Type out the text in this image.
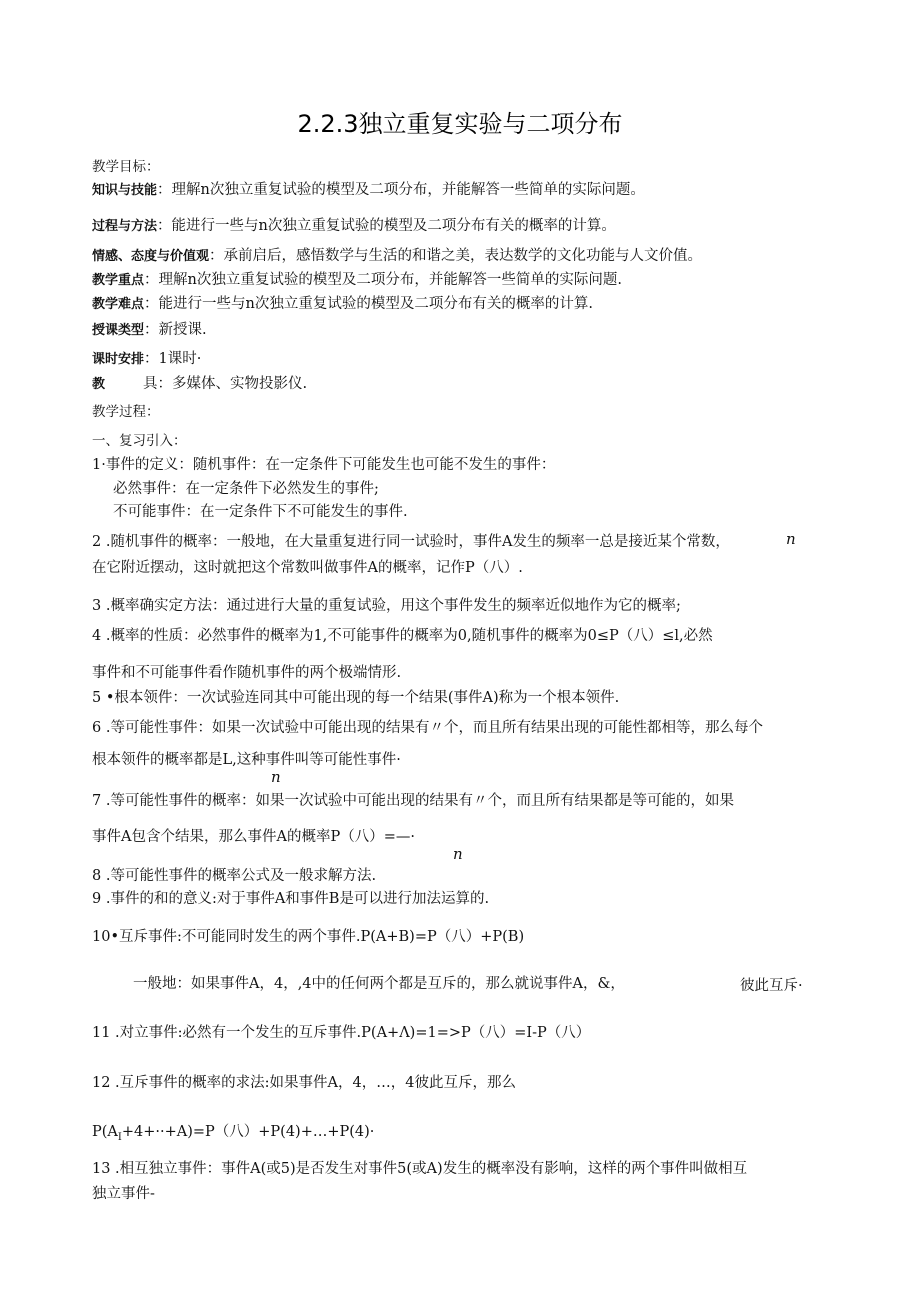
2.2.3独立重复实验与二项分布
教学目标：
知识与技能：理解n次独立重复试验的模型及二项分布，并能解答一些简单的实际问题。
过程与方法：能进行一些与n次独立重复试验的模型及二项分布有关的概率的计算。
情感、态度与价值观：承前启后，感悟数学与生活的和谐之美，表达数学的文化功能与人文价值。
教学重点：理解n次独立重复试验的模型及二项分布，并能解答一些简单的实际问题.
教学难点：能进行一些与n次独立重复试验的模型及二项分布有关的概率的计算.
授课类型：新授课.
课时安排：1课时·
教	具：多媒体、实物投影仪.
教学过程：
一、复习引入：
1·事件的定义：随机事件：在一定条件下可能发生也可能不发生的事件：
必然事件：在一定条件下必然发生的事件;
不可能事件：在一定条件下不可能发生的事件.
2 .随机事件的概率：一般地，在大量重复进行同一试验时，事件A发生的频率一总是接近某个常数，	n
在它附近摆动，这时就把这个常数叫做事件A的概率，记作P（八）.
3 .概率确实定方法：通过进行大量的重复试验，用这个事件发生的频率近似地作为它的概率;
4 .概率的性质：必然事件的概率为1,不可能事件的概率为0,随机事件的概率为0≤P（八）≤l,必然
事件和不可能事件看作随机事件的两个极端情形.
5 •根本领件：一次试验连同其中可能出现的每一个结果(事件A)称为一个根本领件.
6 .等可能性事件：如果一次试验中可能出现的结果有〃个，而且所有结果出现的可能性都相等，那么每个
根本领件的概率都是L,这种事件叫等可能性事件·
n
7 .等可能性事件的概率：如果一次试验中可能出现的结果有〃个，而且所有结果都是等可能的，如果
事件A包含个结果，那么事件A的概率P（八）=—·
n
8 .等可能性事件的概率公式及一般求解方法.
9 .事件的和的意义:对于事件A和事件B是可以进行加法运算的.
10•互斥事件:不可能同时发生的两个事件.P(A+B)=P（八）+P(B)
一般地：如果事件A，4，,4中的任何两个都是互斥的，那么就说事件A，&，	彼此互斥·
11 .对立事件:必然有一个发生的互斥事件.P(A+Λ)=1=>P（八）=I-P（八）
12 .互斥事件的概率的求法:如果事件A，4，…，4彼此互斥，那么
$P(A_I+4+\cdot\cdot+A)=P$（八）+P(4)+…+P(4)·
13 .相互独立事件：事件A(或5)是否发生对事件5(或A)发生的概率没有影响，这样的两个事件叫做相互
独立事件-
